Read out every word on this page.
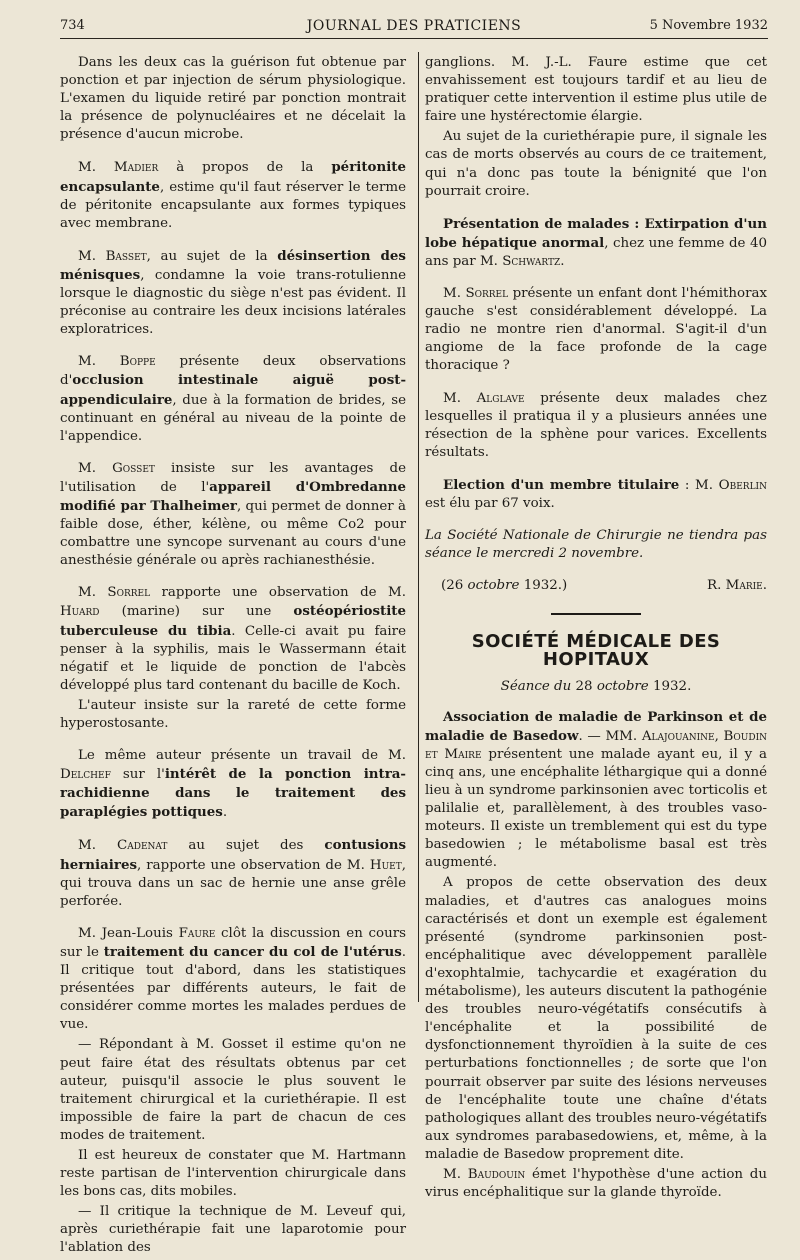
734	JOURNAL DES PRATICIENS	5 Novembre 1932

Dans les deux cas la guérison fut obtenue par ponction et par injection de sérum physiologique. L'examen du liquide retiré par ponction montrait la présence de polynucléaires et ne décelait la présence d'aucun microbe.

M. Madier à propos de la péritonite encapsulante, estime qu'il faut réserver le terme de péritonite encapsulante aux formes typiques avec membrane.

M. Basset, au sujet de la désinsertion des ménisques, condamne la voie trans-rotulienne lorsque le diagnostic du siège n'est pas évident. Il préconise au contraire les deux incisions latérales exploratrices.

M. Boppe présente deux observations d'occlusion intestinale aiguë post-appendiculaire, due à la formation de brides, se continuant en général au niveau de la pointe de l'appendice.

M. Gosset insiste sur les avantages de l'utilisation de l'appareil d'Ombredanne modifié par Thalheimer, qui permet de donner à faible dose, éther, kélène, ou même Co2 pour combattre une syncope survenant au cours d'une anesthésie générale ou après rachianesthésie.

M. Sorrel rapporte une observation de M. Huard (marine) sur une ostéopériostite tuberculeuse du tibia. Celle-ci avait pu faire penser à la syphilis, mais le Wassermann était négatif et le liquide de ponction de l'abcès développé plus tard contenant du bacille de Koch.

L'auteur insiste sur la rareté de cette forme hyperostosante.

Le même auteur présente un travail de M. Delchef sur l'intérêt de la ponction intra-rachidienne dans le traitement des paraplégies pottiques.

M. Cadenat au sujet des contusions herniaires, rapporte une observation de M. Huet, qui trouva dans un sac de hernie une anse grêle perforée.

M. Jean-Louis Faure clôt la discussion en cours sur le traitement du cancer du col de l'utérus. Il critique tout d'abord, dans les statistiques présentées par différents auteurs, le fait de considérer comme mortes les malades perdues de vue.

— Répondant à M. Gosset il estime qu'on ne peut faire état des résultats obtenus par cet auteur, puisqu'il associe le plus souvent le traitement chirurgical et la curiethérapie. Il est impossible de faire la part de chacun de ces modes de traitement.

Il est heureux de constater que M. Hartmann reste partisan de l'intervention chirurgicale dans les bons cas, dits mobiles.

— Il critique la technique de M. Leveuf qui, après curiethérapie fait une laparotomie pour l'ablation des

ganglions. M. J.-L. Faure estime que cet envahissement est toujours tardif et au lieu de pratiquer cette intervention il estime plus utile de faire une hystérectomie élargie.

Au sujet de la curiethérapie pure, il signale les cas de morts observés au cours de ce traitement, qui n'a donc pas toute la bénignité que l'on pourrait croire.

Présentation de malades : Extirpation d'un lobe hépatique anormal, chez une femme de 40 ans par M. Schwartz.

M. Sorrel présente un enfant dont l'hémithorax gauche s'est considérablement développé. La radio ne montre rien d'anormal. S'agit-il d'un angiome de la face profonde de la cage thoracique ?

M. Alglave présente deux malades chez lesquelles il pratiqua il y a plusieurs années une résection de la sphène pour varices. Excellents résultats.

Election d'un membre titulaire : M. Oberlin est élu par 67 voix.

La Société Nationale de Chirurgie ne tiendra pas séance le mercredi 2 novembre.

(26 octobre 1932.)	R. Marie.
SOCIÉTÉ MÉDICALE DES HOPITAUX
Séance du 28 octobre 1932.

Association de maladie de Parkinson et de maladie de Basedow. — MM. Alajouanine, Boudin et Maire présentent une malade ayant eu, il y a cinq ans, une encéphalite léthargique qui a donné lieu à un syndrome parkinsonien avec torticolis et palilalie et, parallèlement, à des troubles vaso-moteurs. Il existe un tremblement qui est du type basedowien ; le métabolisme basal est très augmenté.

A propos de cette observation des deux maladies, et d'autres cas analogues moins caractérisés et dont un exemple est également présenté (syndrome parkinsonien post-encéphalitique avec développement parallèle d'exophtalmie, tachycardie et exagération du métabolisme), les auteurs discutent la pathogénie des troubles neuro-végétatifs consécutifs à l'encéphalite et la possibilité de dysfonctionnement thyroïdien à la suite de ces perturbations fonctionnelles ; de sorte que l'on pourrait observer par suite des lésions nerveuses de l'encéphalite toute une chaîne d'états pathologiques allant des troubles neuro-végétatifs aux syndromes parabasedowiens, et, même, à la maladie de Basedow proprement dite.

M. Baudouin émet l'hypothèse d'une action du virus encéphalitique sur la glande thyroïde.
